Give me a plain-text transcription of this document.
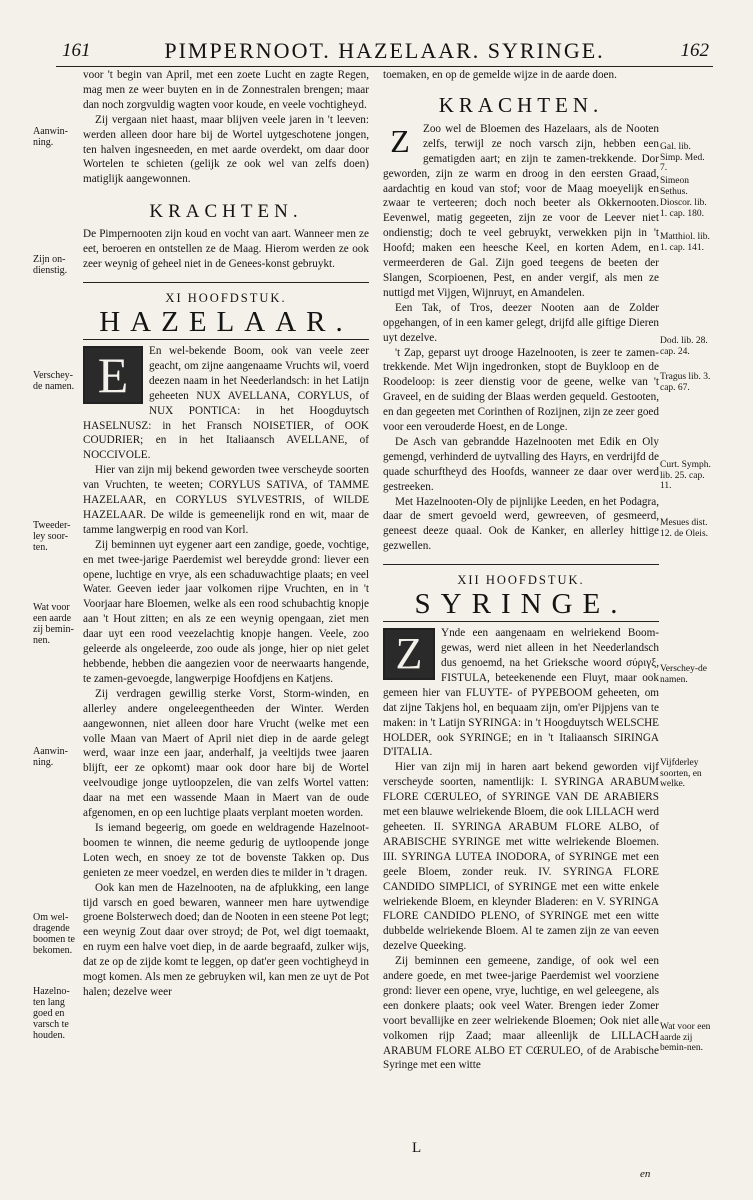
161	PIMPERNOOT. HAZELAAR. SYRINGE.	162

voor 't begin van April, met een zoete Lucht en zagte Regen, mag men ze weer buyten en in de Zonnestralen brengen; maar dan noch zorgvuldig wagten voor koude, en veele vochtigheyd.

Zij vergaan niet haast, maar blijven veele jaren in 't leeven: werden alleen door hare bij de Wortel uytgeschotene jongen, ten halven ingesneeden, en met aarde overdekt, om daar door Wortelen te schieten (gelijk ze ook wel van zelfs doen) matiglijk aangewonnen.

KRACHTEN.

De Pimpernooten zijn koud en vocht van aart. Wanneer men ze eet, beroeren en ontstellen ze de Maag. Hierom werden ze ook zeer weynig of geheel niet in de Genees-konst gebruykt.

XI HOOFDSTUK.
HAZELAAR.
E	En wel-bekende Boom, ook van veele zeer geacht, om zijne aangenaame Vruchts wil, voerd deezen naam in het Neederlandsch: in het Latijn geheeten NUX AVELLANA, CORYLUS, of NUX PONTICA: in het Hoogduytsch HASELNUSZ: in het Fransch NOISETIER, of OOK COUDRIER; en in het Italiaansch AVELLANE, of NOCCIVOLE.

Hier van zijn mij bekend geworden twee verscheyde soorten van Vruchten, te weeten; CORYLUS SATIVA, of TAMME HAZELAAR, en CORYLUS SYLVESTRIS, of WILDE HAZELAAR. De wilde is gemeenelijk rond en wit, maar de tamme langwerpig en rood van Korl.

Zij beminnen uyt eygener aart een zandige, goede, vochtige, en met twee-jarige Paerdemist wel bereydde grond: liever een opene, luchtige en vrye, als een schaduwachtige plaats; en veel Water. Geeven ieder jaar volkomen rijpe Vruchten, en in 't Voorjaar hare Bloemen, welke als een rood schubachtig knopje aan 't Hout zitten; en als ze een weynig opengaan, ziet men daar uyt een rood veezelachtig knopje hangen. Veele, zoo geleerde als ongeleerde, zoo oude als jonge, hier op niet gelet hebbende, hebben die aangezien voor de neerwaarts hangende, te zamen-gevoegde, langwerpige Hoofdjens en Katjens.

Zij verdragen gewillig sterke Vorst, Storm-winden, en allerley andere ongeleegentheeden der Winter. Werden aangewonnen, niet alleen door hare Vrucht (welke met een volle Maan van Maert of April niet diep in de aarde gelegt werd, waar inze een jaar, anderhalf, ja veeltijds twee jaaren blijft, eer ze opkomt) maar ook door hare bij de Wortel veelvoudige jonge uytloopzelen, die van zelfs Wortel vatten: daar na met een wassende Maan in Maert van de oude afgenomen, en op een luchtige plaats verplant moeten worden.

Is iemand begeerig, om goede en weldragende Hazelnoot-boomen te winnen, die neeme gedurig de uytloopende jonge Loten wech, en snoey ze tot de bovenste Takken op. Dus genieten ze meer voedzel, en werden dies te milder in 't dragen.

Ook kan men de Hazelnooten, na de afplukking, een lange tijd varsch en goed bewaren, wanneer men hare uytwendige groene Bolsterwech doed; dan de Nooten in een steene Pot legt; een weynig Zout daar over stroyd; de Pot, wel digt toemaakt, en ruym een halve voet diep, in de aarde begraafd, zulker wijs, dat ze op de zijde komt te leggen, op dat'er geen vochtigheyd in mogt komen. Als men ze gebruyken wil, kan men ze uyt de Pot halen; dezelve weer

Aanwin-ning.
Zijn on-dienstig.
Verschey-de namen.
Tweeder-ley soor-ten.
Wat voor een aarde zij bemin-nen.
Aanwin-ning.
Om wel-dragende boomen te bekomen.
Hazelno-ten lang goed en varsch te houden.

toemaken, en op de gemelde wijze in de aarde doen.

KRACHTEN.
Z	Zoo wel de Bloemen des Hazelaars, als de Nooten zelfs, terwijl ze noch varsch zijn, hebben een gematigden aart; en zijn te zamen-trekkende. Dor geworden, zijn ze warm en droog in den eersten Graad, aardachtig en koud van stof; voor de Maag moeyelijk en zwaar te verteeren; doch noch beeter als Okkernooten. Eevenwel, matig gegeeten, zijn ze voor de Leever niet ondienstig; doch te veel gebruykt, verwekken pijn in 't Hoofd; maken een heesche Keel, en korten Adem, en vermeerderen de Gal. Zijn goed teegens de beeten der Slangen, Scorpioenen, Pest, en ander vergif, als men ze nuttigd met Vijgen, Wijnruyt, en Amandelen.

Een Tak, of Tros, deezer Nooten aan de Zolder opgehangen, of in een kamer gelegt, drijfd alle giftige Dieren uyt dezelve.

't Zap, geparst uyt drooge Hazelnooten, is zeer te zamen-trekkende. Met Wijn ingedronken, stopt de Buykloop en de Roodeloop: is zeer dienstig voor de geene, welke van 't Graveel, en de suiding der Blaas werden gequeld. Gestooten, en dan gegeeten met Corinthen of Rozijnen, zijn ze zeer goed voor een verouderde Hoest, en de Longe.

De Asch van gebrandde Hazelnooten met Edik en Oly gemengd, verhinderd de uytvalling des Hayrs, en verdrijfd de quade schurftheyd des Hoofds, wanneer ze daar over werd gestreeken.

Met Hazelnooten-Oly de pijnlijke Leeden, en het Podagra, daar de smert gevoeld werd, gewreeven, of gesmeerd, geneest deeze quaal. Ook de Kanker, en allerley hittige gezwellen.

XII HOOFDSTUK.
SYRINGE.
Z	Ynde een aangenaam en welriekend Boom-gewas, werd niet alleen in het Neederlandsch dus genoemd, na het Grieksche woord σύριγξ, FISTULA, beteekenende een Fluyt, maar ook gemeen hier van FLUYTE- of PYPEBOOM geheeten, om dat zijne Takjens hol, en bequaam zijn, om'er Pijpjens van te maken: in 't Latijn SYRINGA: in 't Hoogduytsch WELSCHE HOLDER, ook SYRINGE; en in 't Italiaansch SIRINGA D'ITALIA.

Hier van zijn mij in haren aart bekend geworden vijf verscheyde soorten, namentlijk: I. SYRINGA ARABUM FLORE CŒRULEO, of SYRINGE VAN DE ARABIERS met een blauwe welriekende Bloem, die ook LILLACH werd geheeten. II. SYRINGA ARABUM FLORE ALBO, of ARABISCHE SYRINGE met witte welriekende Bloemen. III. SYRINGA LUTEA INODORA, of SYRINGE met een geele Bloem, zonder reuk. IV. SYRINGA FLORE CANDIDO SIMPLICI, of SYRINGE met een witte enkele welriekende Bloem, en kleynder Bladeren: en V. SYRINGA FLORE CANDIDO PLENO, of SYRINGE met een witte dubbelde welriekende Bloem. Al te zamen zijn ze van eeven dezelve Queeking.

Zij beminnen een gemeene, zandige, of ook wel een andere goede, en met twee-jarige Paerdemist wel voorziene grond: liever een opene, vrye, luchtige, en wel geleegene, als een donkere plaats; ook veel Water. Brengen ieder Zomer voort bevallijke en zeer welriekende Bloemen; Ook niet alle volkomen rijp Zaad; maar alleenlijk de LILLACH ARABUM FLORE ALBO ET CŒRULEO, of de Arabische Syringe met een witte

Gal. lib. Simp. Med. 7.
Simeon Sethus.
Dioscor. lib. 1. cap. 180.
Matthiol. lib. 1. cap. 141.
Dod. lib. 28. cap. 24.
Tragus lib. 3. cap. 67.
Curt. Symph. lib. 25. cap. 11.
Mesues dist. 12. de Oleis.
Verschey-de namen.
Vijfderley soorten, en welke.
Wat voor een aarde zij bemin-nen.
L
en
